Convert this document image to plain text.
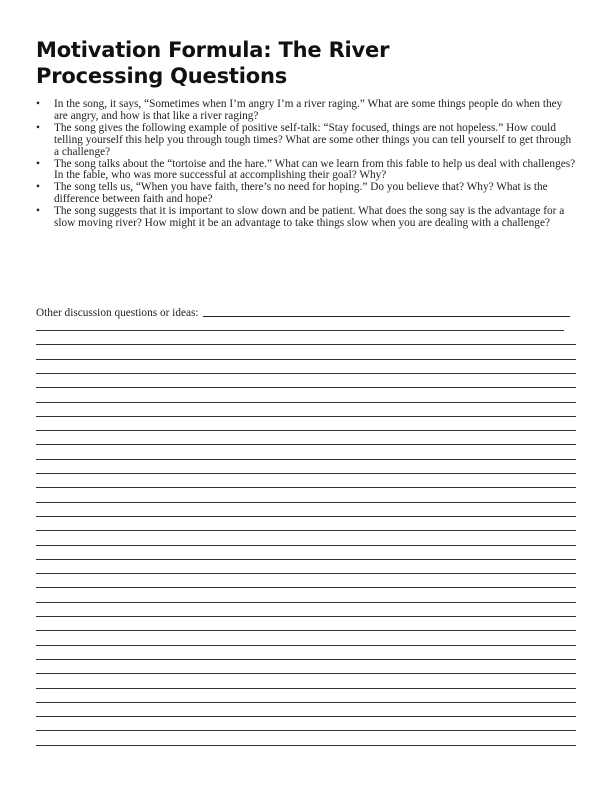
Motivation Formula: The River
Processing Questions
• In the song, it says, “Sometimes when I’m angry I’m a river raging.” What are some things people do when they are angry, and how is that like a river raging?
• The song gives the following example of positive self-talk: “Stay focused, things are not hopeless.” How could telling yourself this help you through tough times? What are some other things you can tell yourself to get through a challenge?
• The song talks about the “tortoise and the hare.” What can we learn from this fable to help us deal with challenges? In the fable, who was more successful at accomplishing their goal? Why?
• The song tells us, “When you have faith, there’s no need for hoping.” Do you believe that? Why? What is the difference between faith and hope?
• The song suggests that it is important to slow down and be patient. What does the song say is the advantage for a slow moving river? How might it be an advantage to take things slow when you are dealing with a challenge?
Other discussion questions or ideas:
